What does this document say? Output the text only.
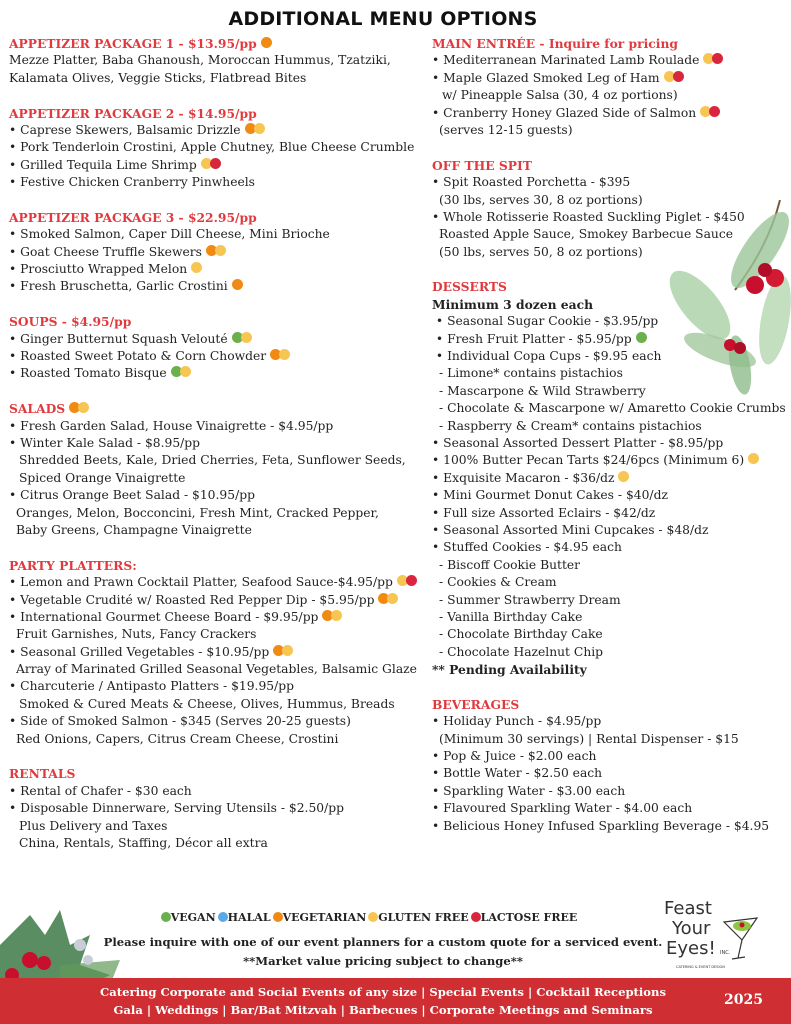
ADDITIONAL MENU OPTIONS
APPETIZER PACKAGE 1 - $13.95/pp
Mezze Platter, Baba Ghanoush, Moroccan Hummus, Tzatziki,
Kalamata Olives, Veggie Sticks, Flatbread Bites
APPETIZER PACKAGE 2 - $14.95/pp
• Caprese Skewers, Balsamic Drizzle
• Pork Tenderloin Crostini, Apple Chutney, Blue Cheese Crumble
• Grilled Tequila Lime Shrimp
• Festive Chicken Cranberry Pinwheels
APPETIZER PACKAGE 3 - $22.95/pp
• Smoked Salmon, Caper Dill Cheese, Mini Brioche
• Goat Cheese Truffle Skewers
• Prosciutto Wrapped Melon
• Fresh Bruschetta, Garlic Crostini
SOUPS - $4.95/pp
• Ginger Butternut Squash Velouté
• Roasted Sweet Potato & Corn Chowder
• Roasted Tomato Bisque
SALADS
• Fresh Garden Salad, House Vinaigrette - $4.95/pp
• Winter Kale Salad - $8.95/pp
Shredded Beets, Kale, Dried Cherries, Feta, Sunflower Seeds,
Spiced Orange Vinaigrette
• Citrus Orange Beet Salad - $10.95/pp
Oranges, Melon, Bocconcini, Fresh Mint, Cracked Pepper,
Baby Greens, Champagne Vinaigrette
PARTY PLATTERS:
• Lemon and Prawn Cocktail Platter, Seafood Sauce-$4.95/pp
• Vegetable Crudité w/ Roasted Red Pepper Dip - $5.95/pp
• International Gourmet Cheese Board - $9.95/pp
Fruit Garnishes, Nuts, Fancy Crackers
• Seasonal Grilled Vegetables - $10.95/pp
Array of Marinated Grilled Seasonal Vegetables, Balsamic Glaze
• Charcuterie / Antipasto Platters - $19.95/pp
Smoked & Cured Meats & Cheese, Olives, Hummus, Breads
• Side of Smoked Salmon - $345 (Serves 20-25 guests)
Red Onions, Capers, Citrus Cream Cheese, Crostini
RENTALS
• Rental of Chafer - $30 each
• Disposable Dinnerware, Serving Utensils - $2.50/pp
Plus Delivery and Taxes
China, Rentals, Staffing, Décor all extra
MAIN ENTRÉE - Inquire for pricing
• Mediterranean Marinated Lamb Roulade
• Maple Glazed Smoked Leg of Ham
w/ Pineapple Salsa (30, 4 oz portions)
• Cranberry Honey Glazed Side of Salmon
(serves 12-15 guests)
OFF THE SPIT
• Spit Roasted Porchetta - $395
(30 lbs, serves 30, 8 oz portions)
• Whole Rotisserie Roasted Suckling Piglet - $450
Roasted Apple Sauce, Smokey Barbecue Sauce
(50 lbs, serves 50, 8 oz portions)
DESSERTS
Minimum 3 dozen each
• Seasonal Sugar Cookie - $3.95/pp
• Fresh Fruit Platter - $5.95/pp
• Individual Copa Cups - $9.95 each
- Limone* contains pistachios
- Mascarpone & Wild Strawberry
- Chocolate & Mascarpone w/ Amaretto Cookie Crumbs
- Raspberry & Cream* contains pistachios
• Seasonal Assorted Dessert Platter - $8.95/pp
• 100% Butter Pecan Tarts $24/6pcs (Minimum 6)
• Exquisite Macaron - $36/dz
• Mini Gourmet Donut Cakes - $40/dz
• Full size Assorted Eclairs - $42/dz
• Seasonal Assorted Mini Cupcakes - $48/dz
• Stuffed Cookies - $4.95 each
- Biscoff Cookie Butter
- Cookies & Cream
- Summer Strawberry Dream
- Vanilla Birthday Cake
- Chocolate Birthday Cake
- Chocolate Hazelnut Chip
** Pending Availability
BEVERAGES
• Holiday Punch - $4.95/pp
(Minimum 30 servings) | Rental Dispenser - $15
• Pop & Juice - $2.00 each
• Bottle Water - $2.50 each
• Sparkling Water - $3.00 each
• Flavoured Sparkling Water - $4.00 each
• Belicious Honey Infused Sparkling Beverage - $4.95
VEGAN HALAL VEGETARIAN GLUTEN FREE LACTOSE FREE
Please inquire with one of our event planners for a custom quote for a serviced event.
**Market value pricing subject to change**
Feast
Your
Eyes! INC.
CATERING & EVENT DESIGN
Catering Corporate and Social Events of any size | Special Events | Cocktail Receptions
Gala | Weddings | Bar/Bat Mitzvah | Barbecues | Corporate Meetings and Seminars
2025
